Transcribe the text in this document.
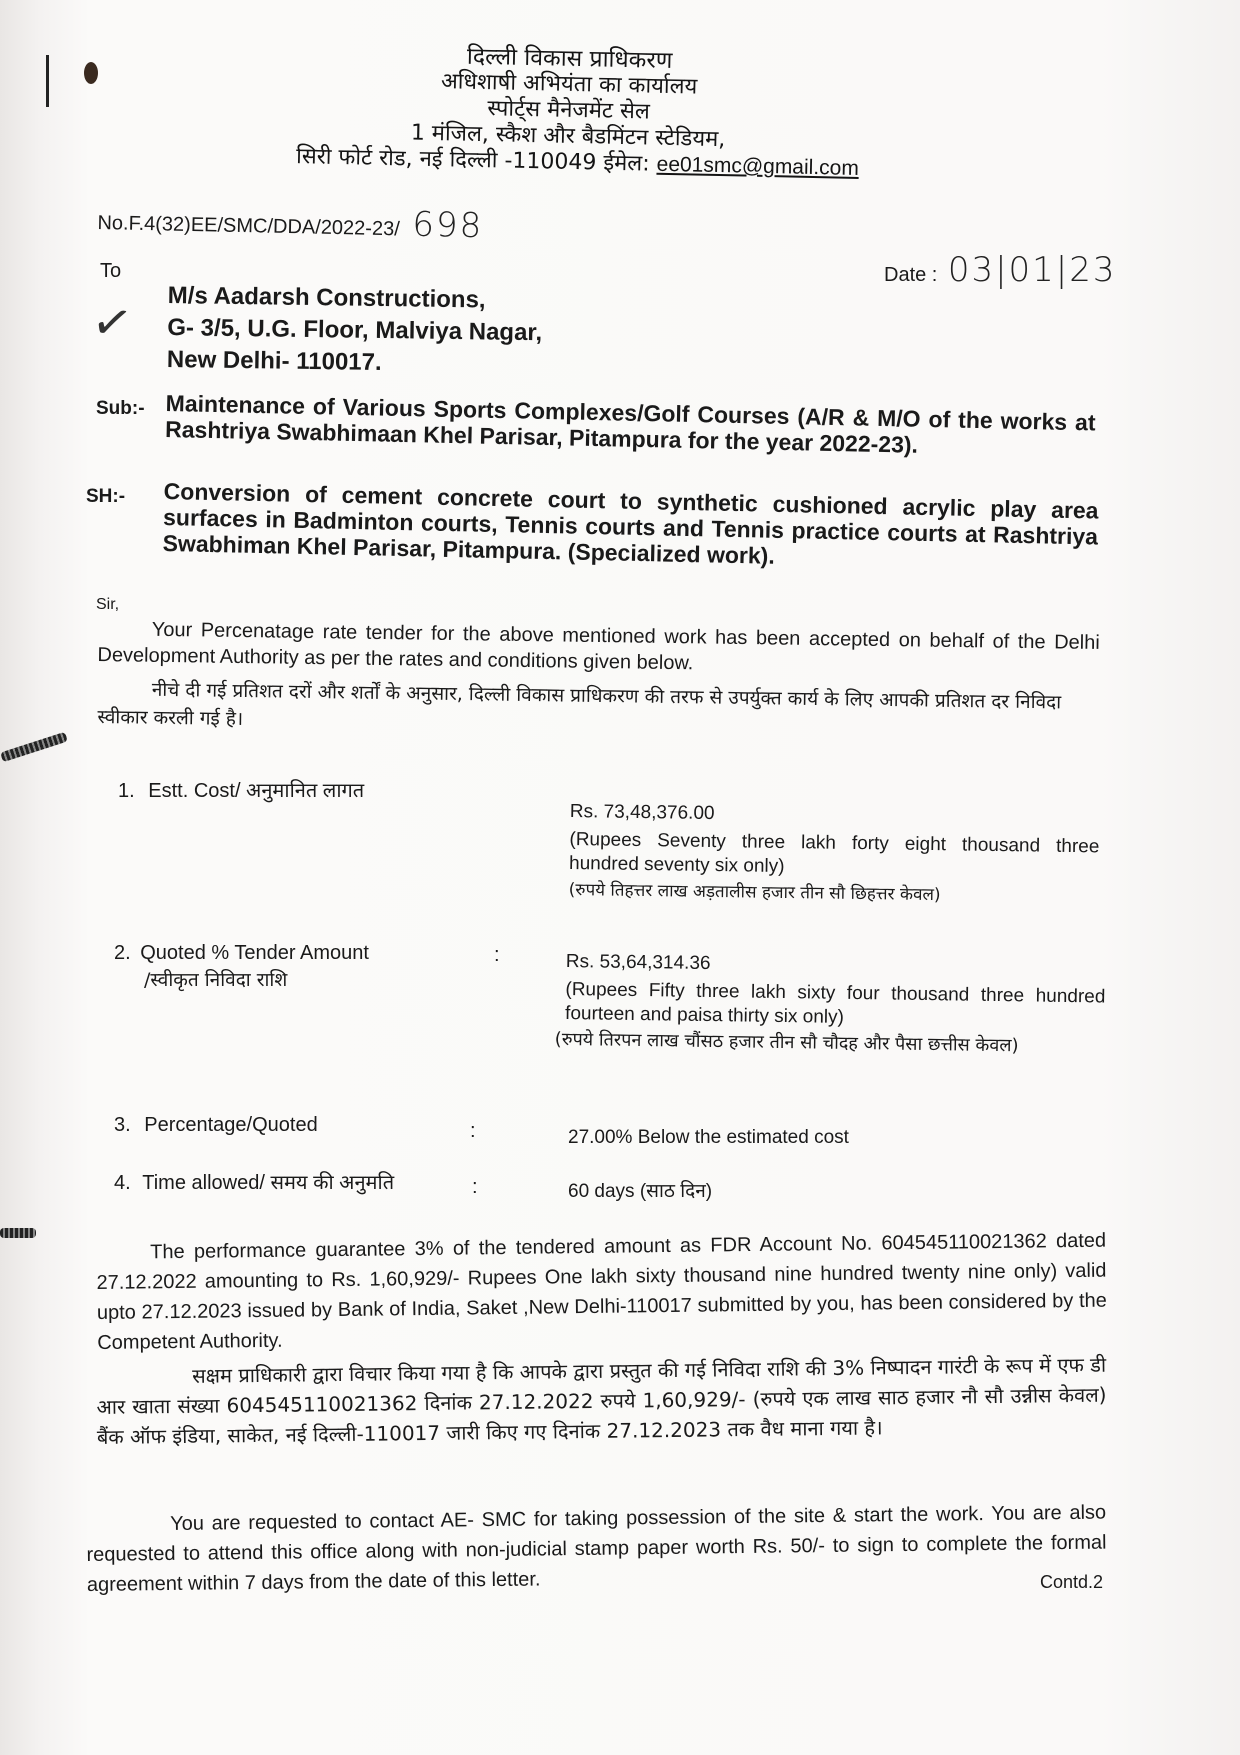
दिल्ली विकास प्राधिकरण
अधिशाषी अभियंता का कार्यालय
स्पोर्ट्स मैनेजमेंट सेल
1 मंजिल, स्कैश और बैडमिंटन स्टेडियम,
सिरी फोर्ट रोड, नई दिल्ली -110049 ईमेल: ee01smc@gmail.com
No.F.4(32)EE/SMC/DDA/2022-23/ 698
Date : 03|01|23
To
✓ M/s Aadarsh Constructions,
G- 3/5, U.G. Floor, Malviya Nagar,
New Delhi- 110017.
Sub:- Maintenance of Various Sports Complexes/Golf Courses (A/R & M/O of the works at Rashtriya Swabhimaan Khel Parisar, Pitampura for the year 2022-23).
SH:- Conversion of cement concrete court to synthetic cushioned acrylic play area surfaces in Badminton courts, Tennis courts and Tennis practice courts at Rashtriya Swabhiman Khel Parisar, Pitampura. (Specialized work).
Sir,
Your Percenatage rate tender for the above mentioned work has been accepted on behalf of the Delhi Development Authority as per the rates and conditions given below.
नीचे दी गई प्रतिशत दरों और शर्तों के अनुसार, दिल्ली विकास प्राधिकरण की तरफ से उपर्युक्त कार्य के लिए आपकी प्रतिशत दर निविदा स्वीकार करली गई है।
1. Estt. Cost/ अनुमानित लागत
Rs. 73,48,376.00
(Rupees Seventy three lakh forty eight thousand three hundred seventy six only)
(रुपये तिहत्तर लाख अड़तालीस हजार तीन सौ छिहत्तर केवल)
2. Quoted % Tender Amount
/स्वीकृत निविदा राशि
:	Rs. 53,64,314.36
(Rupees Fifty three lakh sixty four thousand three hundred fourteen and paisa thirty six only)
(रुपये तिरपन लाख चौंसठ हजार तीन सौ चौदह और पैसा छत्तीस केवल)
3. Percentage/Quoted	:	27.00% Below the estimated cost
4. Time allowed/ समय की अनुमति	:	60 days (साठ दिन)
The performance guarantee 3% of the tendered amount as FDR Account No. 604545110021362 dated 27.12.2022 amounting to Rs. 1,60,929/- Rupees One lakh sixty thousand nine hundred twenty nine only) valid upto 27.12.2023 issued by Bank of India, Saket ,New Delhi-110017 submitted by you, has been considered by the Competent Authority.
सक्षम प्राधिकारी द्वारा विचार किया गया है कि आपके द्वारा प्रस्तुत की गई निविदा राशि की 3% निष्पादन गारंटी के रूप में एफ डी आर खाता संख्या 604545110021362 दिनांक 27.12.2022 रुपये 1,60,929/- (रुपये एक लाख साठ हजार नौ सौ उन्नीस केवल) बैंक ऑफ इंडिया, साकेत, नई दिल्ली-110017 जारी किए गए दिनांक 27.12.2023 तक वैध माना गया है।
You are requested to contact AE- SMC for taking possession of the site & start the work. You are also requested to attend this office along with non-judicial stamp paper worth Rs. 50/- to sign to complete the formal agreement within 7 days from the date of this letter.	Contd.2
